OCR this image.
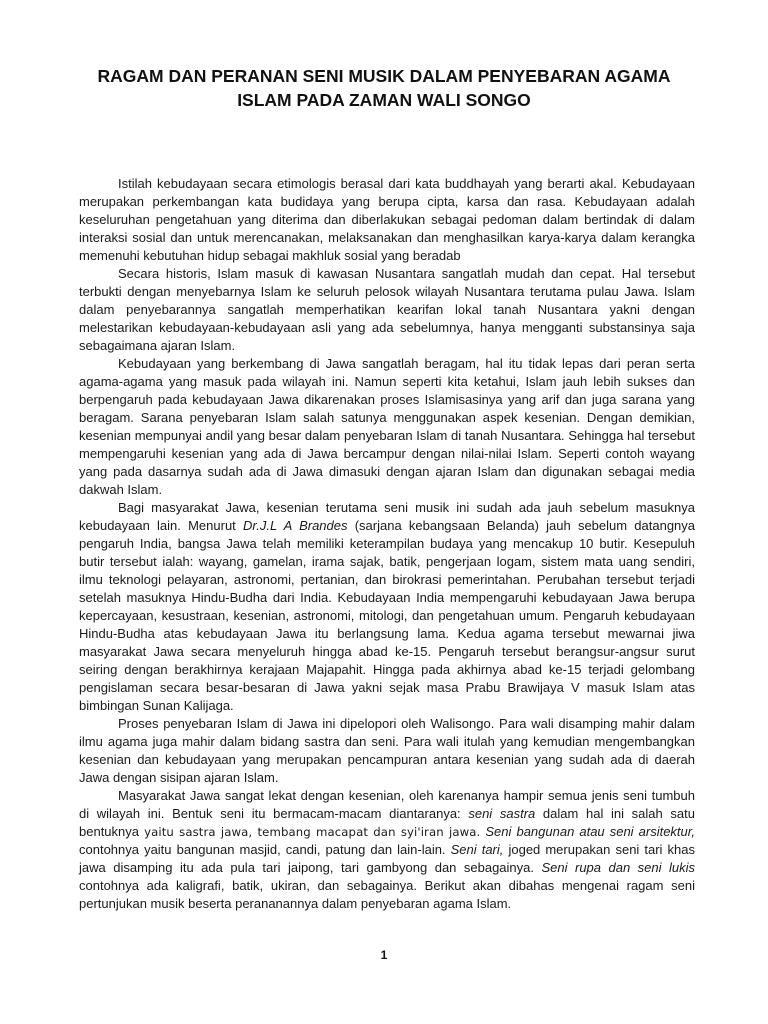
RAGAM DAN PERANAN SENI MUSIK DALAM PENYEBARAN AGAMA
ISLAM PADA ZAMAN WALI SONGO

Istilah kebudayaan secara etimologis berasal dari kata buddhayah yang berarti akal. Kebudayaan merupakan perkembangan kata budidaya yang berupa cipta, karsa dan rasa. Kebudayaan adalah keseluruhan pengetahuan yang diterima dan diberlakukan sebagai pedoman dalam bertindak di dalam interaksi sosial dan untuk merencanakan, melaksanakan dan menghasilkan karya-karya dalam kerangka memenuhi kebutuhan hidup sebagai makhluk sosial yang beradab

Secara historis, Islam masuk di kawasan Nusantara sangatlah mudah dan cepat. Hal tersebut terbukti dengan menyebarnya Islam ke seluruh pelosok wilayah Nusantara terutama pulau Jawa. Islam dalam penyebarannya sangatlah memperhatikan kearifan lokal tanah Nusantara yakni dengan melestarikan kebudayaan-kebudayaan asli yang ada sebelumnya, hanya mengganti substansinya saja sebagaimana ajaran Islam.

Kebudayaan yang berkembang di Jawa sangatlah beragam, hal itu tidak lepas dari peran serta agama-agama yang masuk pada wilayah ini. Namun seperti kita ketahui, Islam jauh lebih sukses dan berpengaruh pada kebudayaan Jawa dikarenakan proses Islamisasinya yang arif dan juga sarana yang beragam. Sarana penyebaran Islam salah satunya menggunakan aspek kesenian. Dengan demikian, kesenian mempunyai andil yang besar dalam penyebaran Islam di tanah Nusantara. Sehingga hal tersebut mempengaruhi kesenian yang ada di Jawa bercampur dengan nilai-nilai Islam. Seperti contoh wayang yang pada dasarnya sudah ada di Jawa dimasuki dengan ajaran Islam dan digunakan sebagai media dakwah Islam.

Bagi masyarakat Jawa, kesenian terutama seni musik ini sudah ada jauh sebelum masuknya kebudayaan lain. Menurut Dr.J.L A Brandes (sarjana kebangsaan Belanda) jauh sebelum datangnya pengaruh India, bangsa Jawa telah memiliki keterampilan budaya yang mencakup 10 butir. Kesepuluh butir tersebut ialah: wayang, gamelan, irama sajak, batik, pengerjaan logam, sistem mata uang sendiri, ilmu teknologi pelayaran, astronomi, pertanian, dan birokrasi pemerintahan. Perubahan tersebut terjadi setelah masuknya Hindu-Budha dari India. Kebudayaan India mempengaruhi kebudayaan Jawa berupa kepercayaan, kesustraan, kesenian, astronomi, mitologi, dan pengetahuan umum. Pengaruh kebudayaan Hindu-Budha atas kebudayaan Jawa itu berlangsung lama. Kedua agama tersebut mewarnai jiwa masyarakat Jawa secara menyeluruh hingga abad ke-15. Pengaruh tersebut berangsur-angsur surut seiring dengan berakhirnya kerajaan Majapahit. Hingga pada akhirnya abad ke-15 terjadi gelombang pengislaman secara besar-besaran di Jawa yakni sejak masa Prabu Brawijaya V masuk Islam atas bimbingan Sunan Kalijaga.

Proses penyebaran Islam di Jawa ini dipelopori oleh Walisongo. Para wali disamping mahir dalam ilmu agama juga mahir dalam bidang sastra dan seni. Para wali itulah yang kemudian mengembangkan kesenian dan kebudayaan yang merupakan pencampuran antara kesenian yang sudah ada di daerah Jawa dengan sisipan ajaran Islam.

Masyarakat Jawa sangat lekat dengan kesenian, oleh karenanya hampir semua jenis seni tumbuh di wilayah ini. Bentuk seni itu bermacam-macam diantaranya: seni sastra dalam hal ini salah satu bentuknya yaitu sastra jawa, tembang macapat dan syi'iran jawa. Seni bangunan atau seni arsitektur, contohnya yaitu bangunan masjid, candi, patung dan lain-lain. Seni tari, joged merupakan seni tari khas jawa disamping itu ada pula tari jaipong, tari gambyong dan sebagainya. Seni rupa dan seni lukis contohnya ada kaligrafi, batik, ukiran, dan sebagainya. Berikut akan dibahas mengenai ragam seni pertunjukan musik beserta perananannya dalam penyebaran agama Islam.

1
